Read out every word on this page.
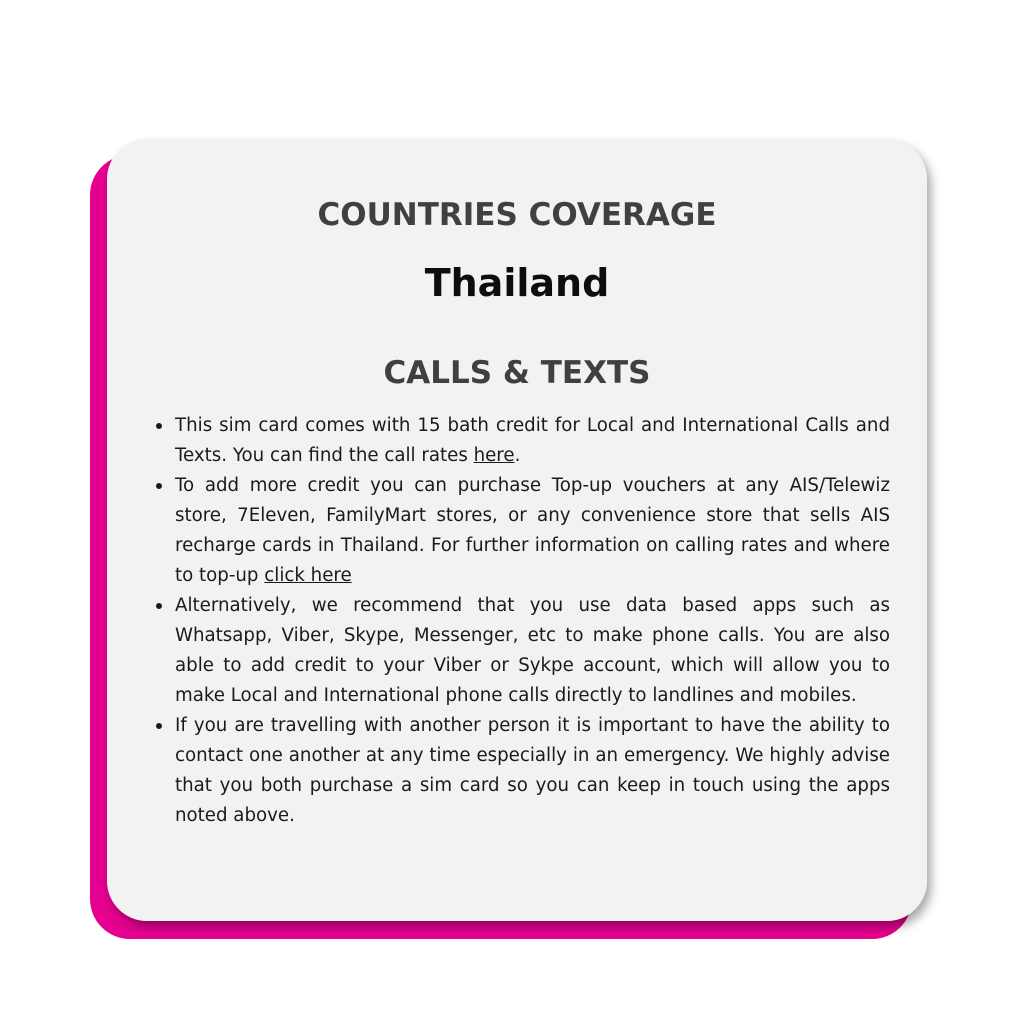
COUNTRIES COVERAGE
Thailand
CALLS & TEXTS
This sim card comes with 15 bath credit for Local and International Calls and Texts. You can find the call rates here.
To add more credit you can purchase Top-up vouchers at any AIS/Telewiz store, 7Eleven, FamilyMart stores, or any convenience store that sells AIS recharge cards in Thailand. For further information on calling rates and where to top-up click here
Alternatively, we recommend that you use data based apps such as Whatsapp, Viber, Skype, Messenger, etc to make phone calls. You are also able to add credit to your Viber or Sykpe account, which will allow you to make Local and International phone calls directly to landlines and mobiles.
If you are travelling with another person it is important to have the ability to contact one another at any time especially in an emergency. We highly advise that you both purchase a sim card so you can keep in touch using the apps noted above.
